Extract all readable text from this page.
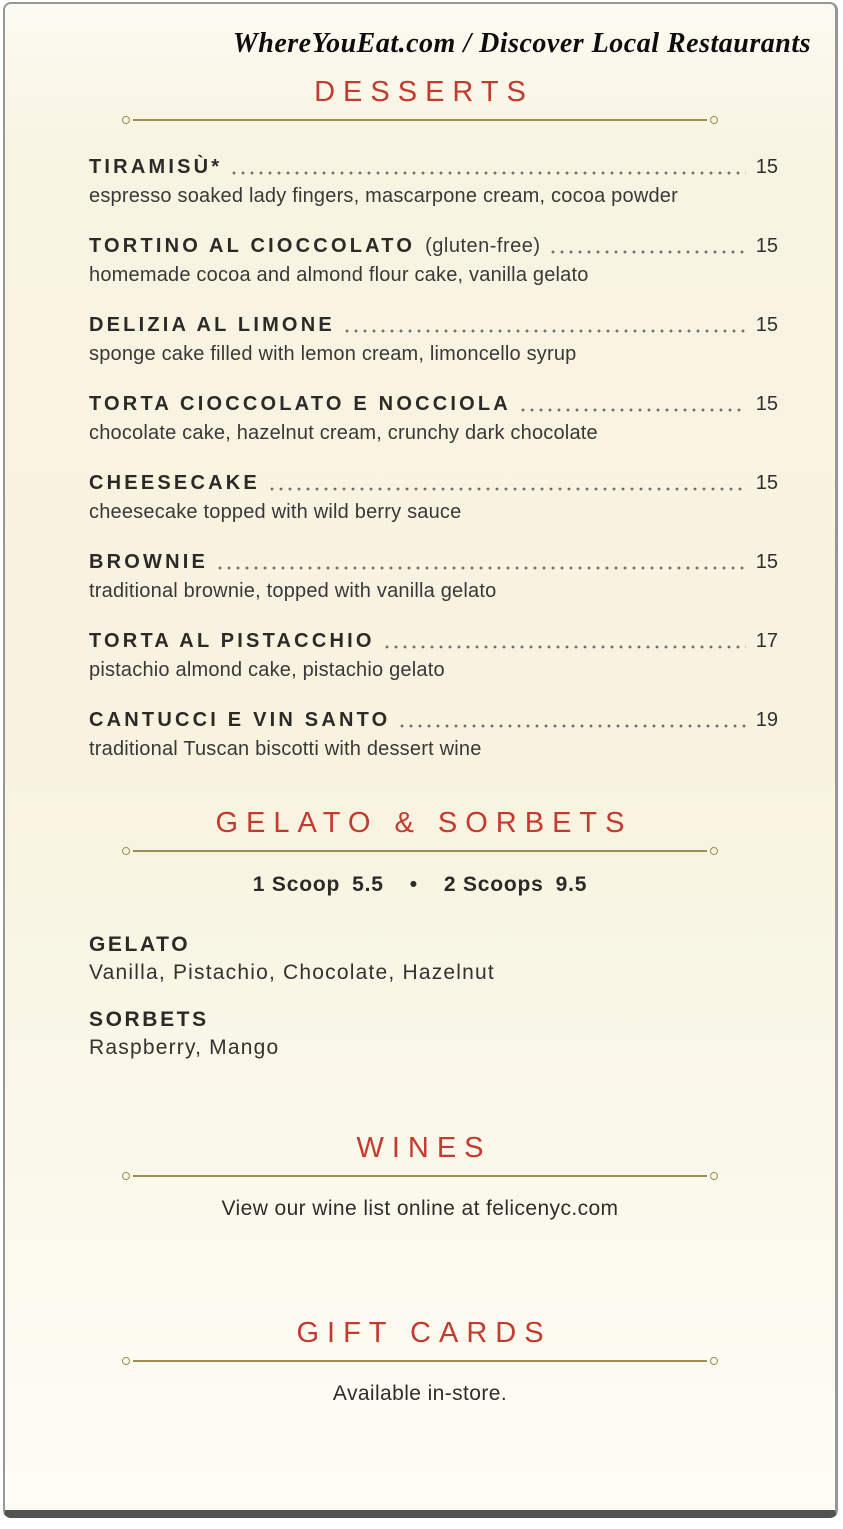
WhereYouEat.com / Discover Local Restaurants
DESSERTS
TIRAMISÙ*	15
espresso soaked lady fingers, mascarpone cream, cocoa powder
TORTINO AL CIOCCOLATO (gluten-free)	15
homemade cocoa and almond flour cake, vanilla gelato
DELIZIA AL LIMONE	15
sponge cake filled with lemon cream, limoncello syrup
TORTA CIOCCOLATO E NOCCIOLA	15
chocolate cake, hazelnut cream, crunchy dark chocolate
CHEESECAKE	15
cheesecake topped with wild berry sauce
BROWNIE	15
traditional brownie, topped with vanilla gelato
TORTA AL PISTACCHIO	17
pistachio almond cake, pistachio gelato
CANTUCCI E VIN SANTO	19
traditional Tuscan biscotti with dessert wine
GELATO & SORBETS
1 Scoop 5.5 • 2 Scoops 9.5
GELATO
Vanilla, Pistachio, Chocolate, Hazelnut
SORBETS
Raspberry, Mango
WINES
View our wine list online at felicenyc.com
GIFT CARDS
Available in-store.
